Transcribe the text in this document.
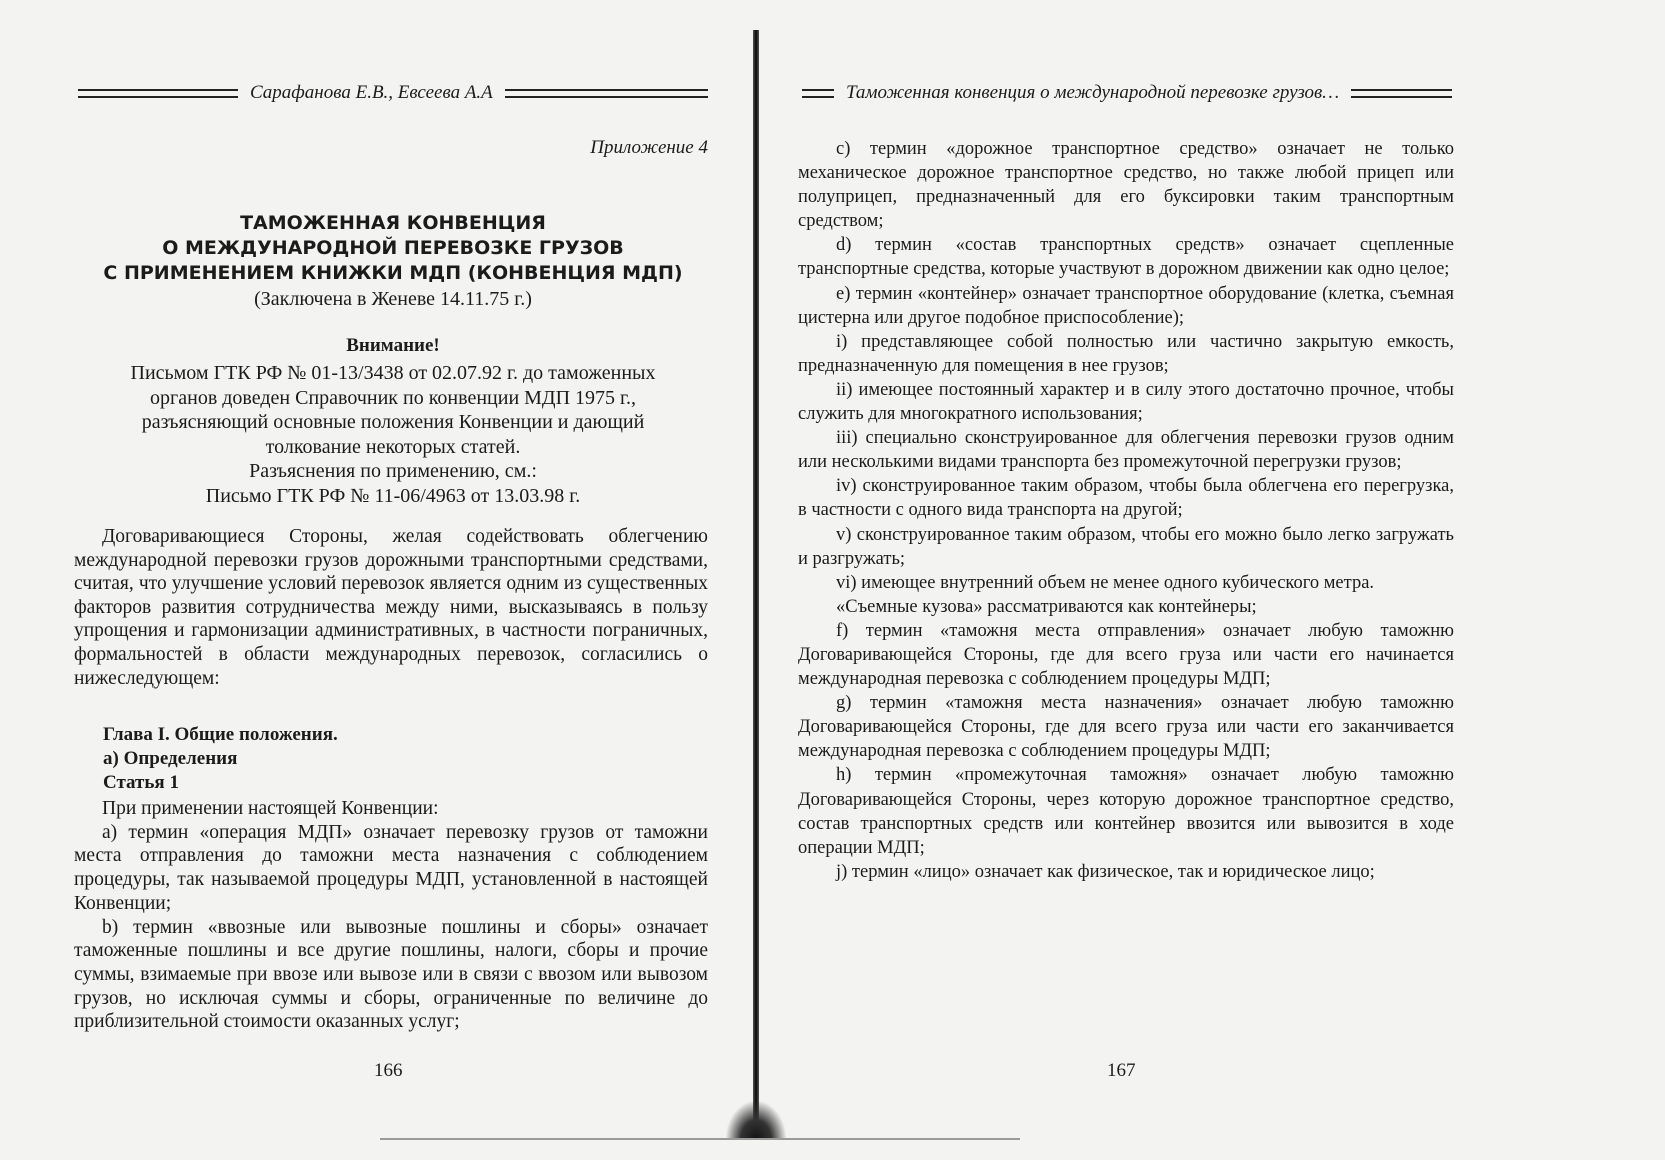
Сарафанова Е.В., Евсеева А.А
Приложение 4
ТАМОЖЕННАЯ КОНВЕНЦИЯ
О МЕЖДУНАРОДНОЙ ПЕРЕВОЗКЕ ГРУЗОВ
С ПРИМЕНЕНИЕМ КНИЖКИ МДП (КОНВЕНЦИЯ МДП)
(Заключена в Женеве 14.11.75 г.)
Внимание!
Письмом ГТК РФ № 01-13/3438 от 02.07.92 г. до таможенных
органов доведен Справочник по конвенции МДП 1975 г.,
разъясняющий основные положения Конвенции и дающий
толкование некоторых статей.
Разъяснения по применению, см.:
Письмо ГТК РФ № 11-06/4963 от 13.03.98 г.
Договаривающиеся Стороны, желая содействовать облегчению международной перевозки грузов дорожными транспортными средствами, считая, что улучшение условий перевозок является одним из существенных факторов развития сотрудничества между ними, высказываясь в пользу упрощения и гармонизации административных, в частности пограничных, формальностей в области международных перевозок, согласились о нижеследующем:
Глава I. Общие положения.
а) Определения
Статья 1

При применении настоящей Конвенции:

a) термин «операция МДП» означает перевозку грузов от таможни места отправления до таможни места назначения с соблюдением процедуры, так называемой процедуры МДП, установленной в настоящей Конвенции;

b) термин «ввозные или вывозные пошлины и сборы» означает таможенные пошлины и все другие пошлины, налоги, сборы и прочие суммы, взимаемые при ввозе или вывозе или в связи с ввозом или вывозом грузов, но исключая суммы и сборы, ограниченные по величине до приблизительной стоимости оказанных услуг;

166
Таможенная конвенция о международной перевозке грузов…

c) термин «дорожное транспортное средство» означает не только механическое дорожное транспортное средство, но также любой прицеп или полуприцеп, предназначенный для его буксировки таким транспортным средством;

d) термин «состав транспортных средств» означает сцепленные транспортные средства, которые участвуют в дорожном движении как одно целое;

e) термин «контейнер» означает транспортное оборудование (клетка, съемная цистерна или другое подобное приспособление);

i) представляющее собой полностью или частично закрытую емкость, предназначенную для помещения в нее грузов;

ii) имеющее постоянный характер и в силу этого достаточно прочное, чтобы служить для многократного использования;

iii) специально сконструированное для облегчения перевозки грузов одним или несколькими видами транспорта без промежуточной перегрузки грузов;

iv) сконструированное таким образом, чтобы была облегчена его перегрузка, в частности с одного вида транспорта на другой;

v) сконструированное таким образом, чтобы его можно было легко загружать и разгружать;

vi) имеющее внутренний объем не менее одного кубического метра.

«Съемные кузова» рассматриваются как контейнеры;

f) термин «таможня места отправления» означает любую таможню Договаривающейся Стороны, где для всего груза или части его начинается международная перевозка с соблюдением процедуры МДП;

g) термин «таможня места назначения» означает любую таможню Договаривающейся Стороны, где для всего груза или части его заканчивается международная перевозка с соблюдением процедуры МДП;

h) термин «промежуточная таможня» означает любую таможню Договаривающейся Стороны, через которую дорожное транспортное средство, состав транспортных средств или контейнер ввозится или вывозится в ходе операции МДП;

j) термин «лицо» означает как физическое, так и юридическое лицо;

167
